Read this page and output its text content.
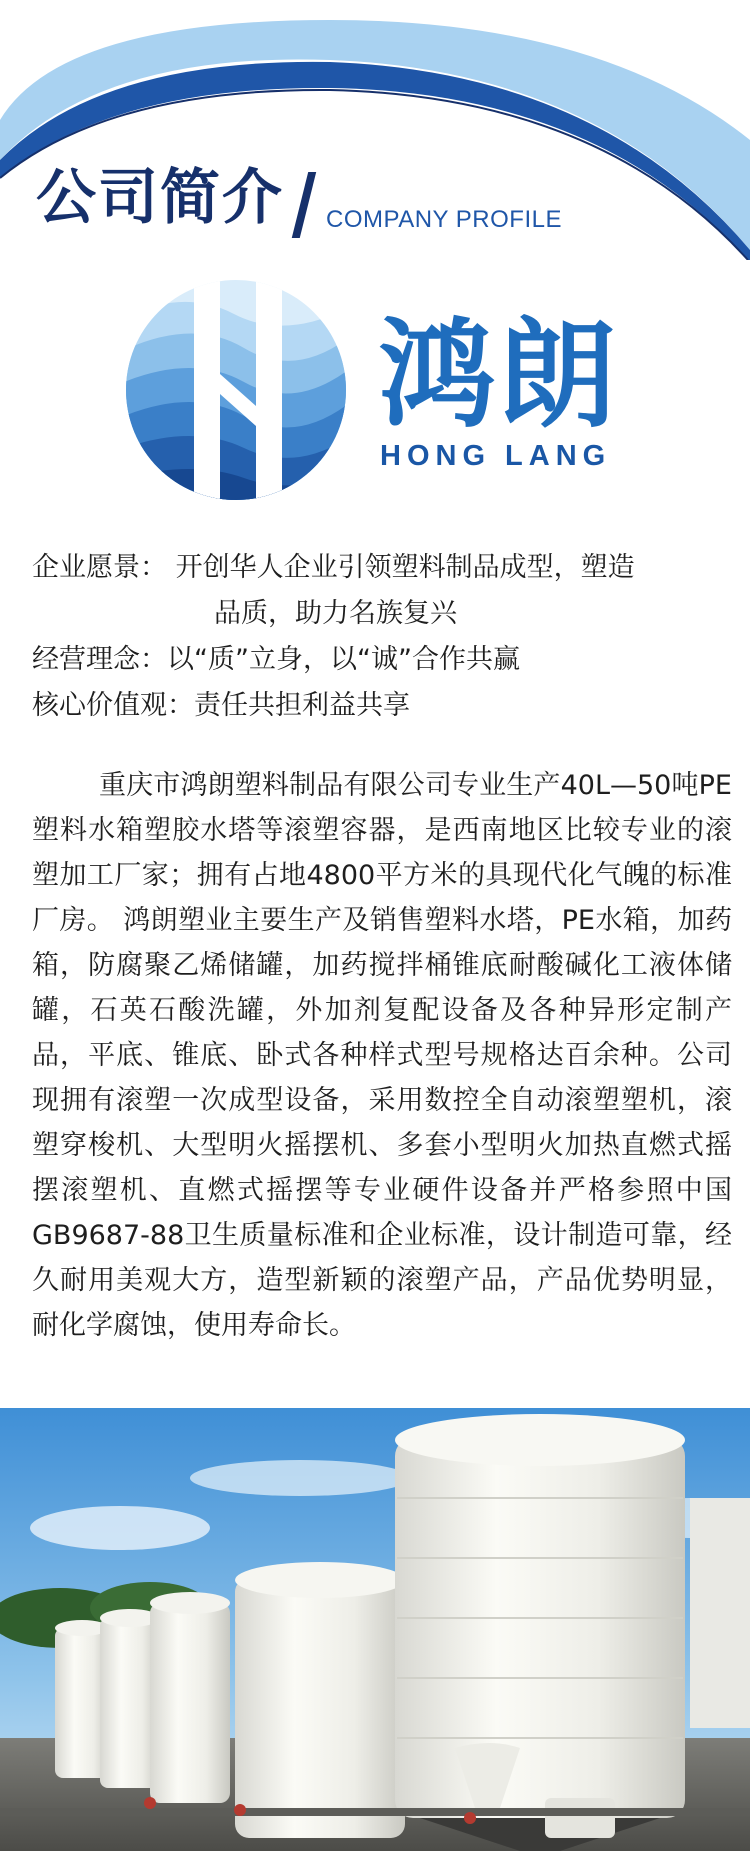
公司简介 COMPANY PROFILE
鸿朗
HONG LANG
企业愿景： 开创华人企业引领塑料制品成型，塑造
品质，助力名族复兴
经营理念：以“质”立身，以“诚”合作共赢
核心价值观：责任共担利益共享

重庆市鸿朗塑料制品有限公司专业生产40L—50吨PE塑料水箱塑胶水塔等滚塑容器，是西南地区比较专业的滚塑加工厂家；拥有占地4800平方米的具现代化气魄的标准厂房。 鸿朗塑业主要生产及销售塑料水塔，PE水箱，加药箱，防腐聚乙烯储罐，加药搅拌桶锥底耐酸碱化工液体储罐，石英石酸洗罐，外加剂复配设备及各种异形定制产品，平底、锥底、卧式各种样式型号规格达百余种。公司现拥有滚塑一次成型设备，采用数控全自动滚塑塑机，滚塑穿梭机、大型明火摇摆机、多套小型明火加热直燃式摇摆滚塑机、直燃式摇摆等专业硬件设备并严格参照中国GB9687-88卫生质量标准和企业标准，设计制造可靠，经久耐用美观大方，造型新颖的滚塑产品，产品优势明显，耐化学腐蚀，使用寿命长。
